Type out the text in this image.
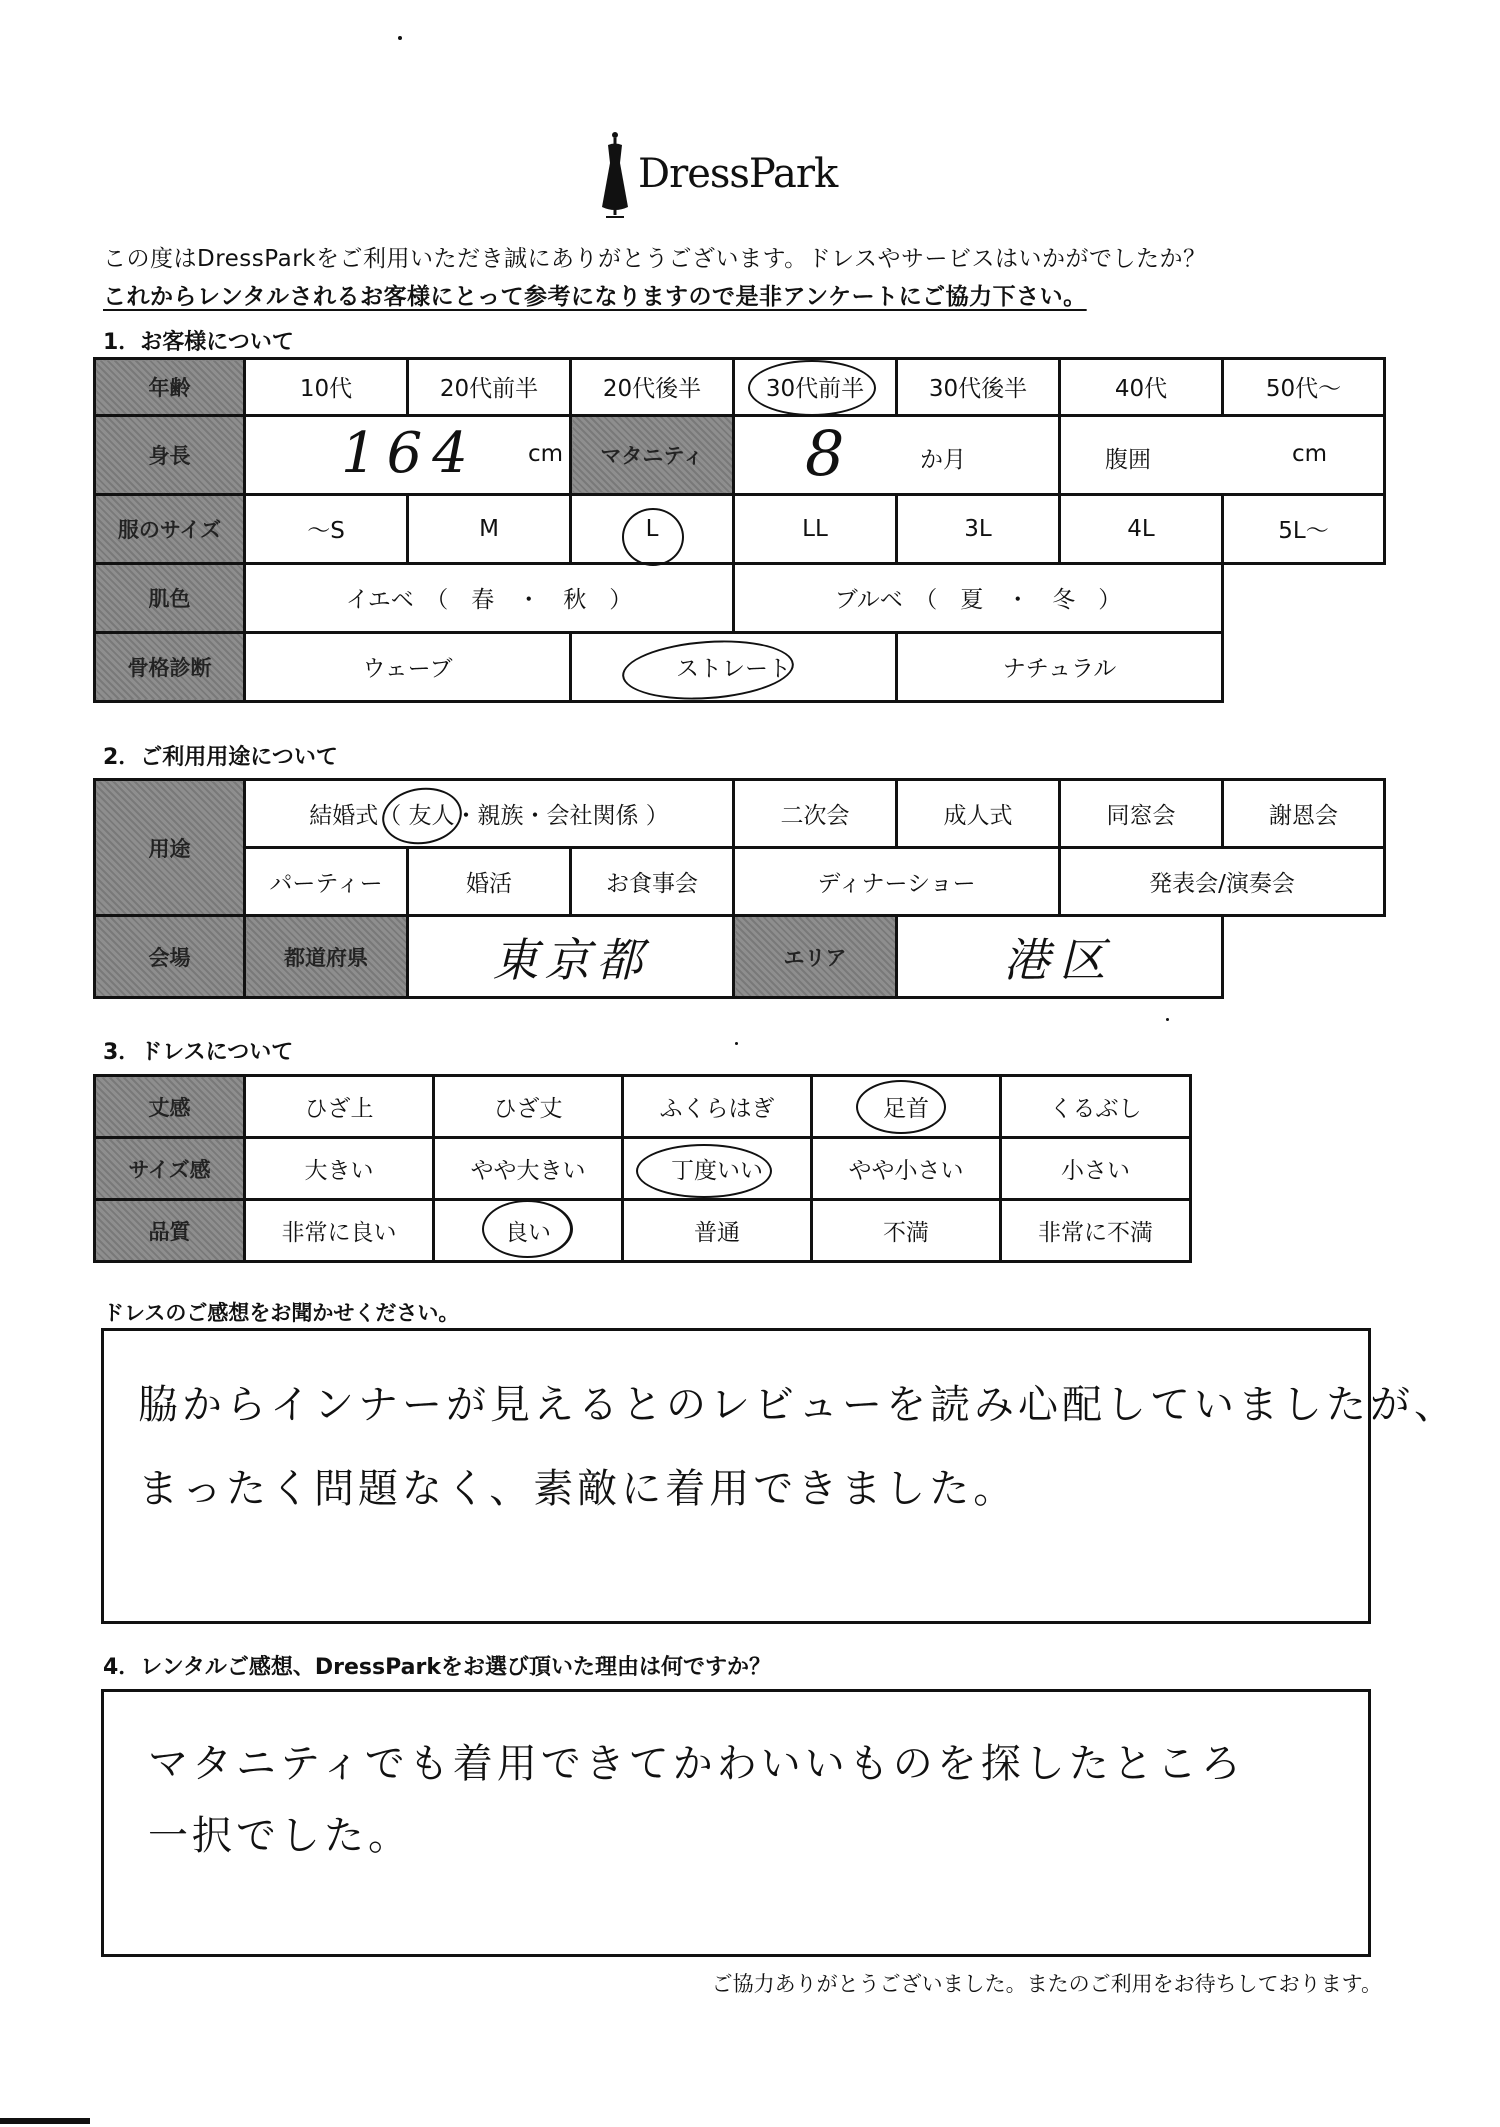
DressPark
この度はDressParkをご利用いただき誠にありがとうございます。ドレスやサービスはいかがでしたか？
これからレンタルされるお客様にとって参考になりますので是非アンケートにご協力下さい。
1．お客様について
年齢	10代	20代前半	20代後半	30代前半	30代後半	40代	50代～
身長	164 cm		マタニティ	8 か月		腹囲 cm	

服のサイズ	～S	M	L	LL	3L	4L	5L～
肌色	イエベ　（　春　・　秋　）			ブルベ　（　夏　・　冬　）			
骨格診断	ウェーブ		ストレート		ナチュラル		
2．ご利用用途について
用途	結婚式（ 友人・親族・会社関係 ）			二次会	成人式	同窓会	謝恩会
	パーティー	婚活	お食事会	ディナーショー		発表会/演奏会	
会場	都道府県	東京都		エリア	港区		
3．ドレスについて
丈感	ひざ上	ひざ丈	ふくらはぎ	足首	くるぶし
サイズ感	大きい	やや大きい	丁度いい	やや小さい	小さい
品質	非常に良い	良い	普通	不満	非常に不満
ドレスのご感想をお聞かせください。
脇からインナーが見えるとのレビューを読み心配していましたが、
まったく問題なく、素敵に着用できました。
4．レンタルご感想、DressParkをお選び頂いた理由は何ですか？
マタニティでも着用できてかわいいものを探したところ
一択でした。
ご協力ありがとうございました。またのご利用をお待ちしております。
